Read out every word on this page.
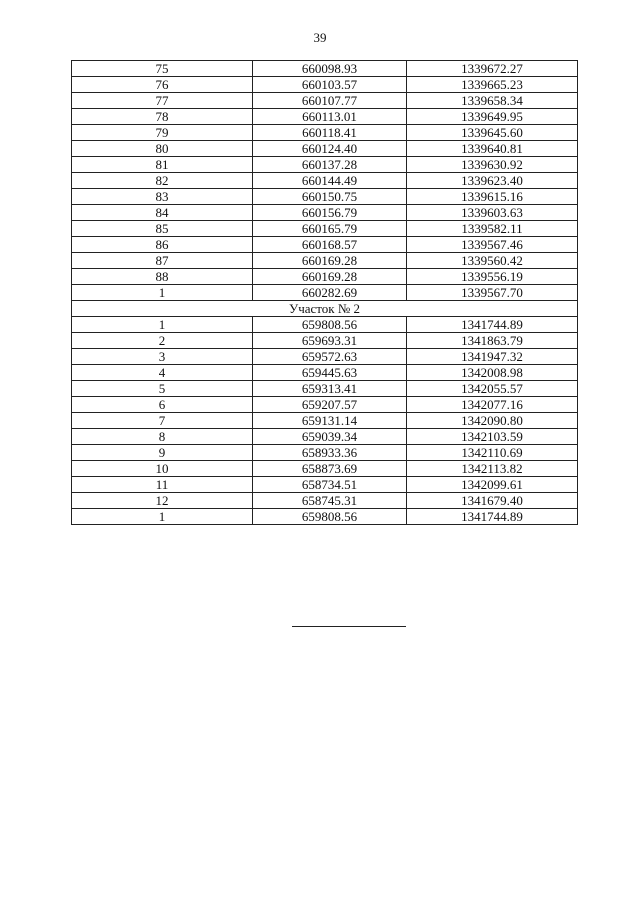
39
75	660098.93	1339672.27
76	660103.57	1339665.23
77	660107.77	1339658.34
78	660113.01	1339649.95
79	660118.41	1339645.60
80	660124.40	1339640.81
81	660137.28	1339630.92
82	660144.49	1339623.40
83	660150.75	1339615.16
84	660156.79	1339603.63
85	660165.79	1339582.11
86	660168.57	1339567.46
87	660169.28	1339560.42
88	660169.28	1339556.19
1	660282.69	1339567.70
Участок № 2		
1	659808.56	1341744.89
2	659693.31	1341863.79
3	659572.63	1341947.32
4	659445.63	1342008.98
5	659313.41	1342055.57
6	659207.57	1342077.16
7	659131.14	1342090.80
8	659039.34	1342103.59
9	658933.36	1342110.69
10	658873.69	1342113.82
11	658734.51	1342099.61
12	658745.31	1341679.40
1	659808.56	1341744.89
